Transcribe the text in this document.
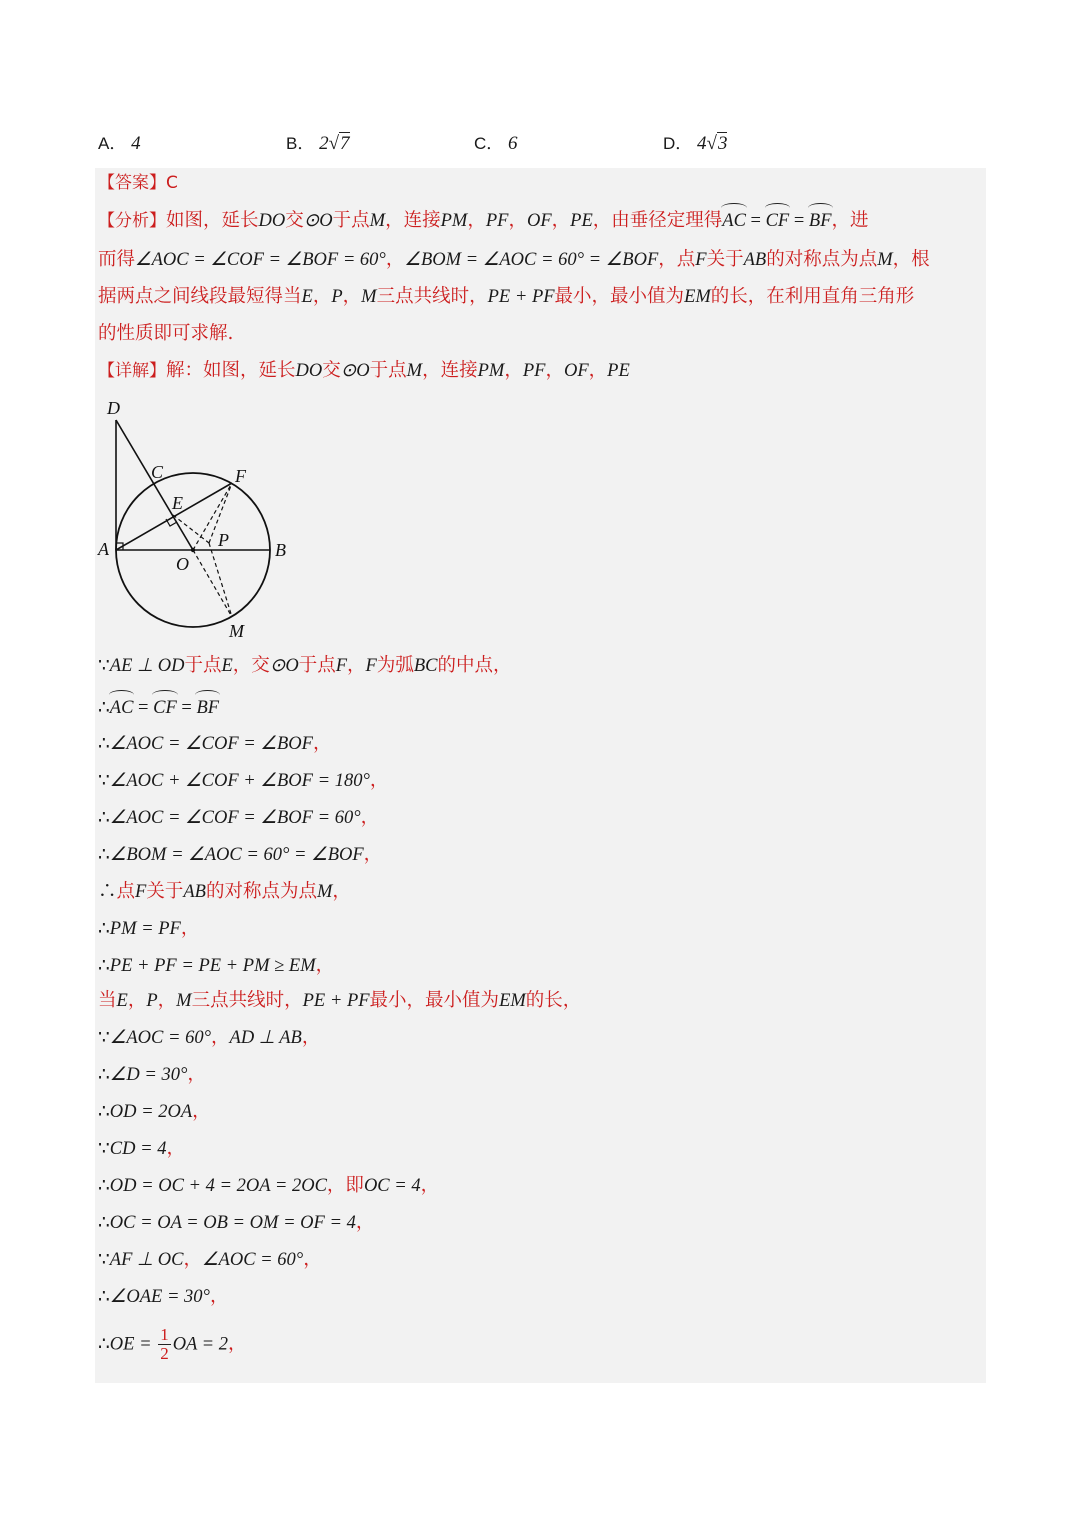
A． 4	B． 2√7	C． 6	D． 4√3
【答案】C
【分析】如图，延长DO交⊙O于点M，连接PM，PF，OF，PE，由垂径定理得AC = CF = BF，进
而得∠AOC = ∠COF = ∠BOF = 60°，∠BOM = ∠AOC = 60° = ∠BOF，点F关于AB的对称点为点M，根
据两点之间线段最短得当E，P，M三点共线时，PE + PF最小，最小值为EM的长，在利用直角三角形
的性质即可求解.
【详解】解：如图，延长DO交⊙O于点M，连接PM，PF，OF，PE
D
C	F
E
A	P
O
B
M
∵AE ⊥ OD于点E，交⊙O于点F，F为弧BC的中点，
∴AC = CF = BF
∴∠AOC = ∠COF = ∠BOF，
∵∠AOC + ∠COF + ∠BOF = 180°，
∴∠AOC = ∠COF = ∠BOF = 60°，
∴∠BOM = ∠AOC = 60° = ∠BOF，
∴点F关于AB的对称点为点M，
∴PM = PF，
∴PE + PF = PE + PM ≥ EM，
当E，P，M三点共线时，PE + PF最小，最小值为EM的长，
∵∠AOC = 60°，AD ⊥ AB，
∴∠D = 30°，
∴OD = 2OA，
∵CD = 4，
∴OD = OC + 4 = 2OA = 2OC，即OC = 4，
∴OC = OA = OB = OM = OF = 4，
∵AF ⊥ OC，∠AOC = 60°，
∴∠OAE = 30°，
∴OE = $\frac{1}{2}$ OA = 2，
